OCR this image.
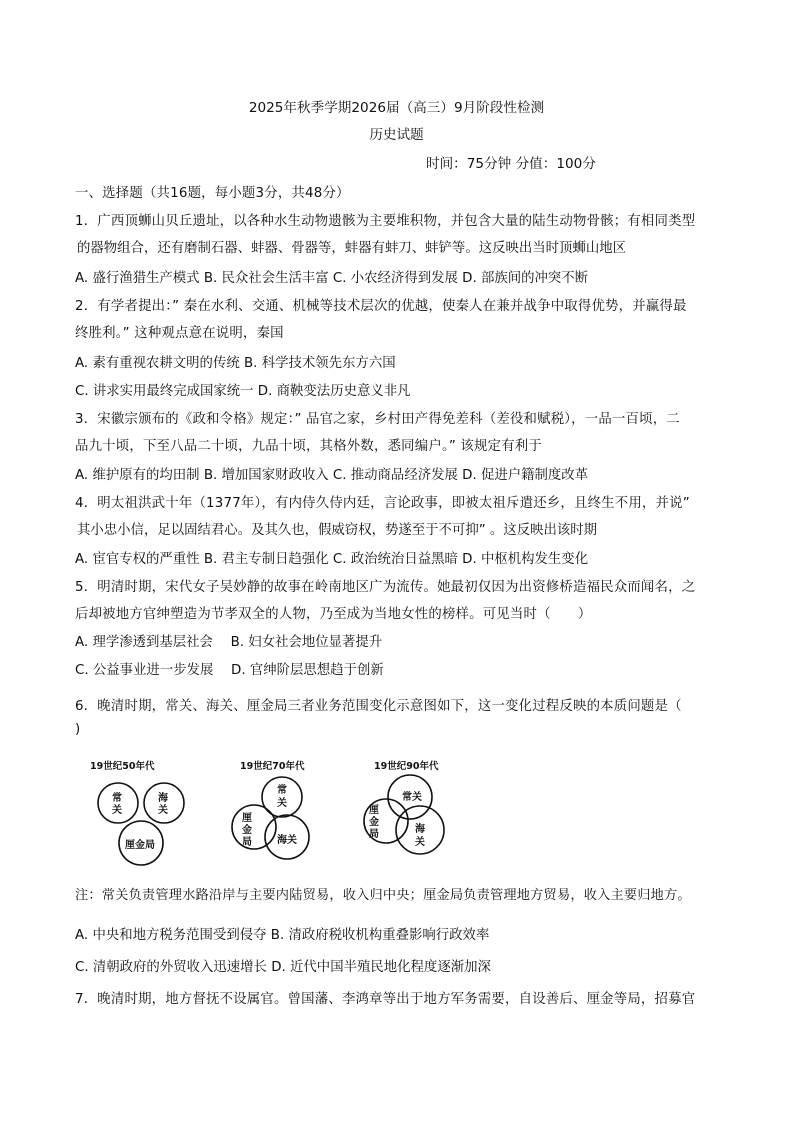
2025年秋季学期2026届（高三）9月阶段性检测
历史试题
时间：75分钟 分值：100分
一、选择题（共16题，每小题3分，共48分）
1．广西顶蛳山贝丘遗址，以各种水生动物遗骸为主要堆积物，并包含大量的陆生动物骨骸；有相同类型
的器物组合，还有磨制石器、蚌器、骨器等，蚌器有蚌刀、蚌铲等。这反映出当时顶蛳山地区
A. 盛行渔猎生产模式 B. 民众社会生活丰富 C. 小农经济得到发展 D. 部族间的冲突不断
2．有学者提出：” 秦在水利、交通、机械等技术层次的优越，使秦人在兼并战争中取得优势，并赢得最
终胜利。” 这种观点意在说明，秦国
A. 素有重视农耕文明的传统 B. 科学技术领先东方六国
C. 讲求实用最终完成国家统一 D. 商鞅变法历史意义非凡
3．宋徽宗颁布的《政和令格》规定：” 品官之家，乡村田产得免差科（差役和赋税），一品一百顷，二
品九十顷，下至八品二十顷，九品十顷，其格外数，悉同编户。” 该规定有利于
A. 维护原有的均田制 B. 增加国家财政收入 C. 推动商品经济发展 D. 促进户籍制度改革
4．明太祖洪武十年（1377年），有内侍久侍内廷，言论政事，即被太祖斥遣还乡，且终生不用，并说”
其小忠小信，足以固结君心。及其久也，假威窃权，势遂至于不可抑” 。这反映出该时期
A. 宦官专权的严重性 B. 君主专制日趋强化 C. 政治统治日益黑暗 D. 中枢机构发生变化
5．明清时期，宋代女子吴妙静的故事在岭南地区广为流传。她最初仅因为出资修桥造福民众而闻名，之
后却被地方官绅塑造为节孝双全的人物，乃至成为当地女性的榜样。可见当时（　　）
A. 理学渗透到基层社会　 B. 妇女社会地位显著提升
C. 公益事业进一步发展　 D. 官绅阶层思想趋于创新
6．晚清时期，常关、海关、厘金局三者业务范围变化示意图如下，这一变化过程反映的本质问题是（
)
19世纪50年代
常
关
海
关
厘金局
19世纪70年代
常
关
厘
金
局	海关
19世纪90年代
常关
厘
金
局	海
关
注：常关负责管理水路沿岸与主要内陆贸易，收入归中央；厘金局负责管理地方贸易，收入主要归地方。
A. 中央和地方税务范围受到侵夺 B. 清政府税收机构重叠影响行政效率
C. 清朝政府的外贸收入迅速增长 D. 近代中国半殖民地化程度逐渐加深
7．晚清时期，地方督抚不设属官。曾国藩、李鸿章等出于地方军务需要，自设善后、厘金等局，招募官
